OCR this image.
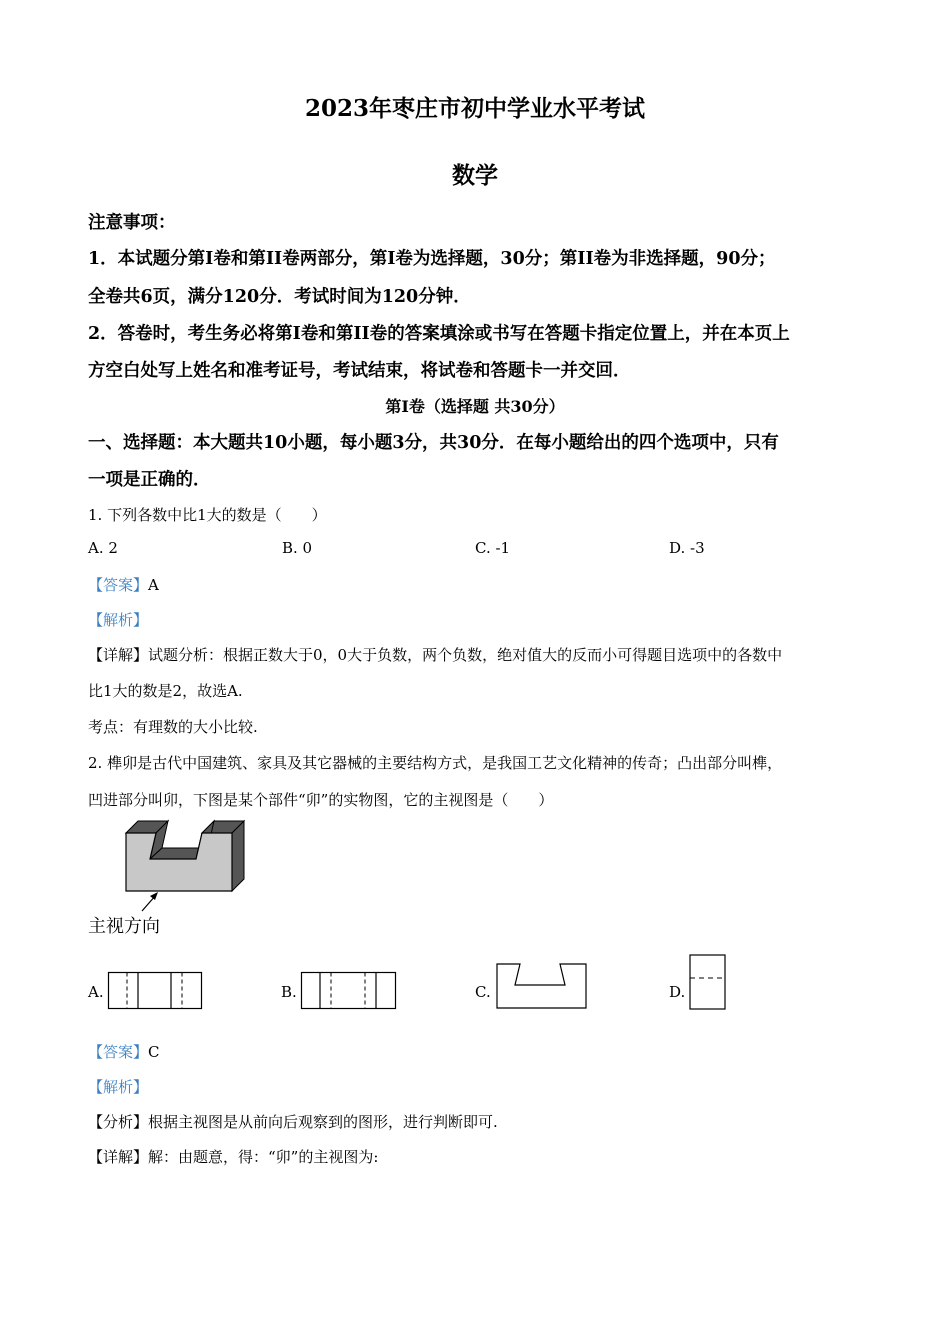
2023年枣庄市初中学业水平考试
数学
注意事项：
1．本试题分第I卷和第II卷两部分，第I卷为选择题，30分；第II卷为非选择题，90分；
全卷共6页，满分120分．考试时间为120分钟．
2．答卷时，考生务必将第I卷和第II卷的答案填涂或书写在答题卡指定位置上，并在本页上
方空白处写上姓名和准考证号，考试结束，将试卷和答题卡一并交回．
第I卷（选择题 共30分）
一、选择题：本大题共10小题，每小题3分，共30分．在每小题给出的四个选项中，只有
一项是正确的．
1. 下列各数中比1大的数是（　　）
A. 2	B. 0	C. -1	D. -3
【答案】A
【解析】
【详解】试题分析：根据正数大于0，0大于负数，两个负数，绝对值大的反而小可得题目选项中的各数中
比1大的数是2，故选A.
考点：有理数的大小比较.
2. 榫卯是古代中国建筑、家具及其它器械的主要结构方式，是我国工艺文化精神的传奇；凸出部分叫榫，
凹进部分叫卯，下图是某个部件“卯”的实物图，它的主视图是（　　）
主视方向
A.	B.	C.	D.
【答案】C
【解析】
【分析】根据主视图是从前向后观察到的图形，进行判断即可.
【详解】解：由题意，得：“卯”的主视图为:
